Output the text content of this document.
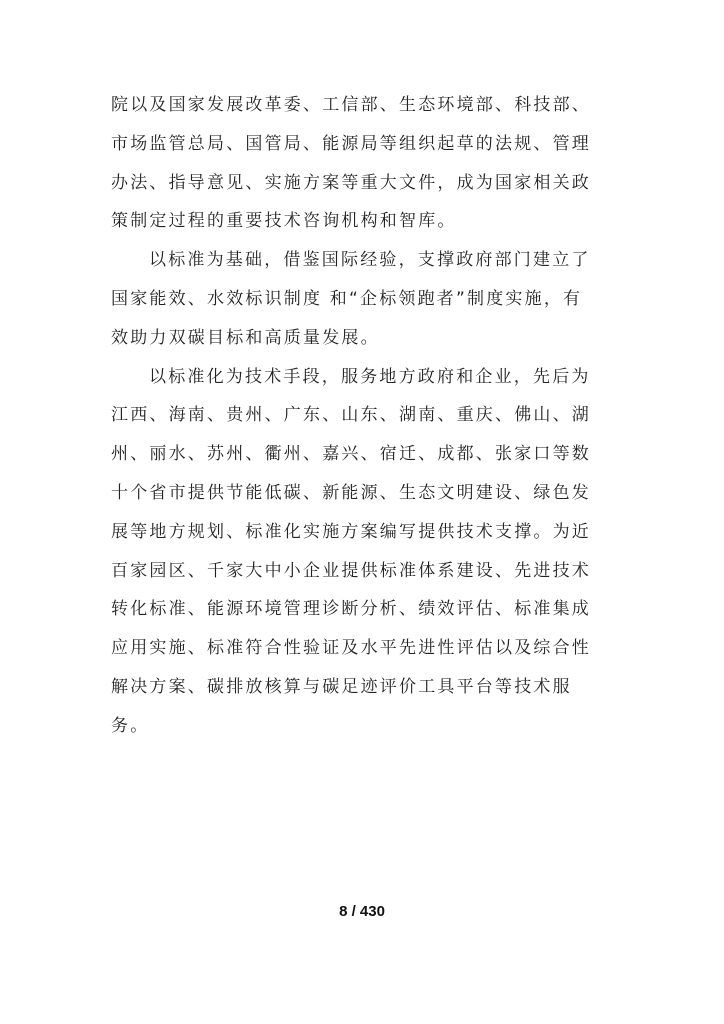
院以及国家发展改革委、工信部、生态环境部、科技部、
市场监管总局、国管局、能源局等组织起草的法规、管理
办法、指导意见、实施方案等重大文件，成为国家相关政
策制定过程的重要技术咨询机构和智库。
以标准为基础，借鉴国际经验，支撑政府部门建立了
国家能效、水效标识制度 和“企标领跑者”制度实施，有
效助力双碳目标和高质量发展。
以标准化为技术手段，服务地方政府和企业，先后为
江西、海南、贵州、广东、山东、湖南、重庆、佛山、湖
州、丽水、苏州、衢州、嘉兴、宿迁、成都、张家口等数
十个省市提供节能低碳、新能源、生态文明建设、绿色发
展等地方规划、标准化实施方案编写提供技术支撑。为近
百家园区、千家大中小企业提供标准体系建设、先进技术
转化标准、能源环境管理诊断分析、绩效评估、标准集成
应用实施、标准符合性验证及水平先进性评估以及综合性
解决方案、碳排放核算与碳足迹评价工具平台等技术服
务。
8 / 430
